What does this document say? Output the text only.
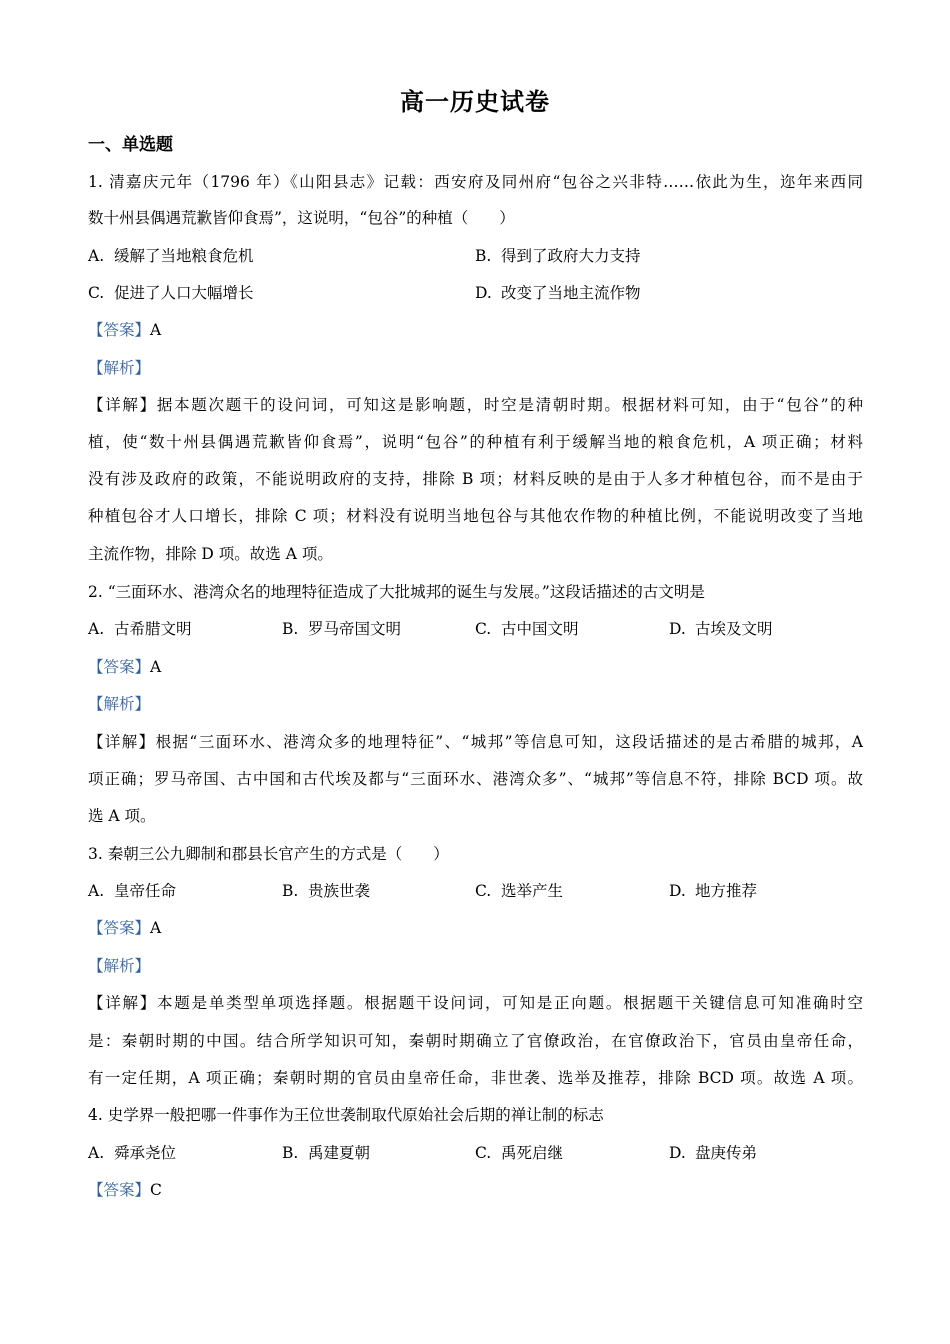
高一历史试卷
一、单选题
1. 清嘉庆元年（1796 年）《山阳县志》记载：西安府及同州府“包谷之兴非特……依此为生，迩年来西同
数十州县偶遇荒歉皆仰食焉”，这说明，“包谷”的种植（　　）
A. 缓解了当地粮食危机	B. 得到了政府大力支持
C. 促进了人口大幅增长	D. 改变了当地主流作物
【答案】A
【解析】
【详解】据本题次题干的设问词，可知这是影响题，时空是清朝时期。根据材料可知，由于“包谷”的种
植，使“数十州县偶遇荒歉皆仰食焉”，说明“包谷”的种植有利于缓解当地的粮食危机，A 项正确；材料
没有涉及政府的政策，不能说明政府的支持，排除 B 项；材料反映的是由于人多才种植包谷，而不是由于
种植包谷才人口增长，排除 C 项；材料没有说明当地包谷与其他农作物的种植比例，不能说明改变了当地
主流作物，排除 D 项。故选 A 项。
2. “三面环水、港湾众名的地理特征造成了大批城邦的诞生与发展。”这段话描述的古文明是
A. 古希腊文明	B. 罗马帝国文明	C. 古中国文明	D. 古埃及文明
【答案】A
【解析】
【详解】根据“三面环水、港湾众多的地理特征”、“城邦”等信息可知，这段话描述的是古希腊的城邦，A
项正确；罗马帝国、古中国和古代埃及都与“三面环水、港湾众多”、“城邦”等信息不符，排除 BCD 项。故
选 A 项。
3. 秦朝三公九卿制和郡县长官产生的方式是（　　）
A. 皇帝任命	B. 贵族世袭	C. 选举产生	D. 地方推荐
【答案】A
【解析】
【详解】本题是单类型单项选择题。根据题干设问词，可知是正向题。根据题干关键信息可知准确时空
是：秦朝时期的中国。结合所学知识可知，秦朝时期确立了官僚政治，在官僚政治下，官员由皇帝任命，
有一定任期，A 项正确；秦朝时期的官员由皇帝任命，非世袭、选举及推荐，排除 BCD 项。故选 A 项。
4. 史学界一般把哪一件事作为王位世袭制取代原始社会后期的禅让制的标志
A. 舜承尧位	B. 禹建夏朝	C. 禹死启继	D. 盘庚传弟
【答案】C
